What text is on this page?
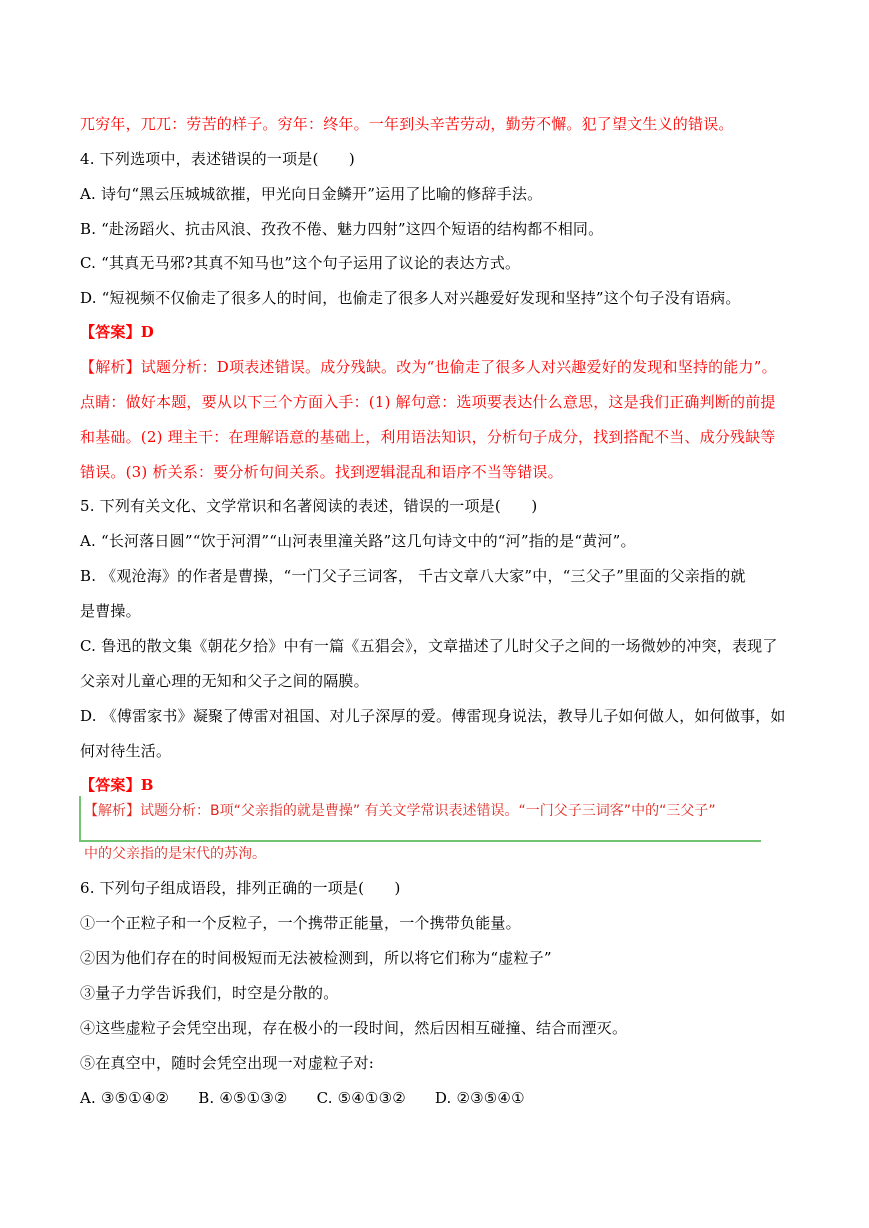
兀穷年，兀兀：劳苦的样子。穷年：终年。一年到头辛苦劳动，勤劳不懈。犯了望文生义的错误。
4. 下列选项中，表述错误的一项是(　　)
A. 诗句“黑云压城城欲摧，甲光向日金鳞开”运用了比喻的修辞手法。
B. “赴汤蹈火、抗击风浪、孜孜不倦、魅力四射”这四个短语的结构都不相同。
C. “其真无马邪?其真不知马也”这个句子运用了议论的表达方式。
D. “短视频不仅偷走了很多人的时间，也偷走了很多人对兴趣爱好发现和坚持”这个句子没有语病。
【答案】D
【解析】试题分析：D项表述错误。成分残缺。改为“也偷走了很多人对兴趣爱好的发现和坚持的能力”。
点睛：做好本题，要从以下三个方面入手：(1) 解句意：选项要表达什么意思，这是我们正确判断的前提
和基础。(2) 理主干：在理解语意的基础上，利用语法知识，分析句子成分，找到搭配不当、成分残缺等
错误。(3) 析关系：要分析句间关系。找到逻辑混乱和语序不当等错误。
5. 下列有关文化、文学常识和名著阅读的表述，错误的一项是(　　)
A. “长河落日圆”“饮于河渭”“山河表里潼关路”这几句诗文中的“河”指的是“黄河”。
B. 《观沧海》的作者是曹操，“一门父子三词客， 千古文章八大家”中，“三父子”里面的父亲指的就
是曹操。
C. 鲁迅的散文集《朝花夕拾》中有一篇《五猖会》，文章描述了儿时父子之间的一场微妙的冲突，表现了
父亲对儿童心理的无知和父子之间的隔膜。
D. 《傅雷家书》凝聚了傅雷对祖国、对儿子深厚的爱。傅雷现身说法，教导儿子如何做人，如何做事，如
何对待生活。
【答案】B
【解析】试题分析：B项“父亲指的就是曹操” 有关文学常识表述错误。“一门父子三词客”中的“三父子”
中的父亲指的是宋代的苏洵。
6. 下列句子组成语段，排列正确的一项是(　　)
①一个正粒子和一个反粒子，一个携带正能量，一个携带负能量。
②因为他们存在的时间极短而无法被检测到，所以将它们称为“虚粒子”
③量子力学告诉我们，时空是分散的。
④这些虚粒子会凭空出现，存在极小的一段时间，然后因相互碰撞、结合而湮灭。
⑤在真空中，随时会凭空出现一对虚粒子对:
A. ③⑤①④② B. ④⑤①③② C. ⑤④①③② D. ②③⑤④①
